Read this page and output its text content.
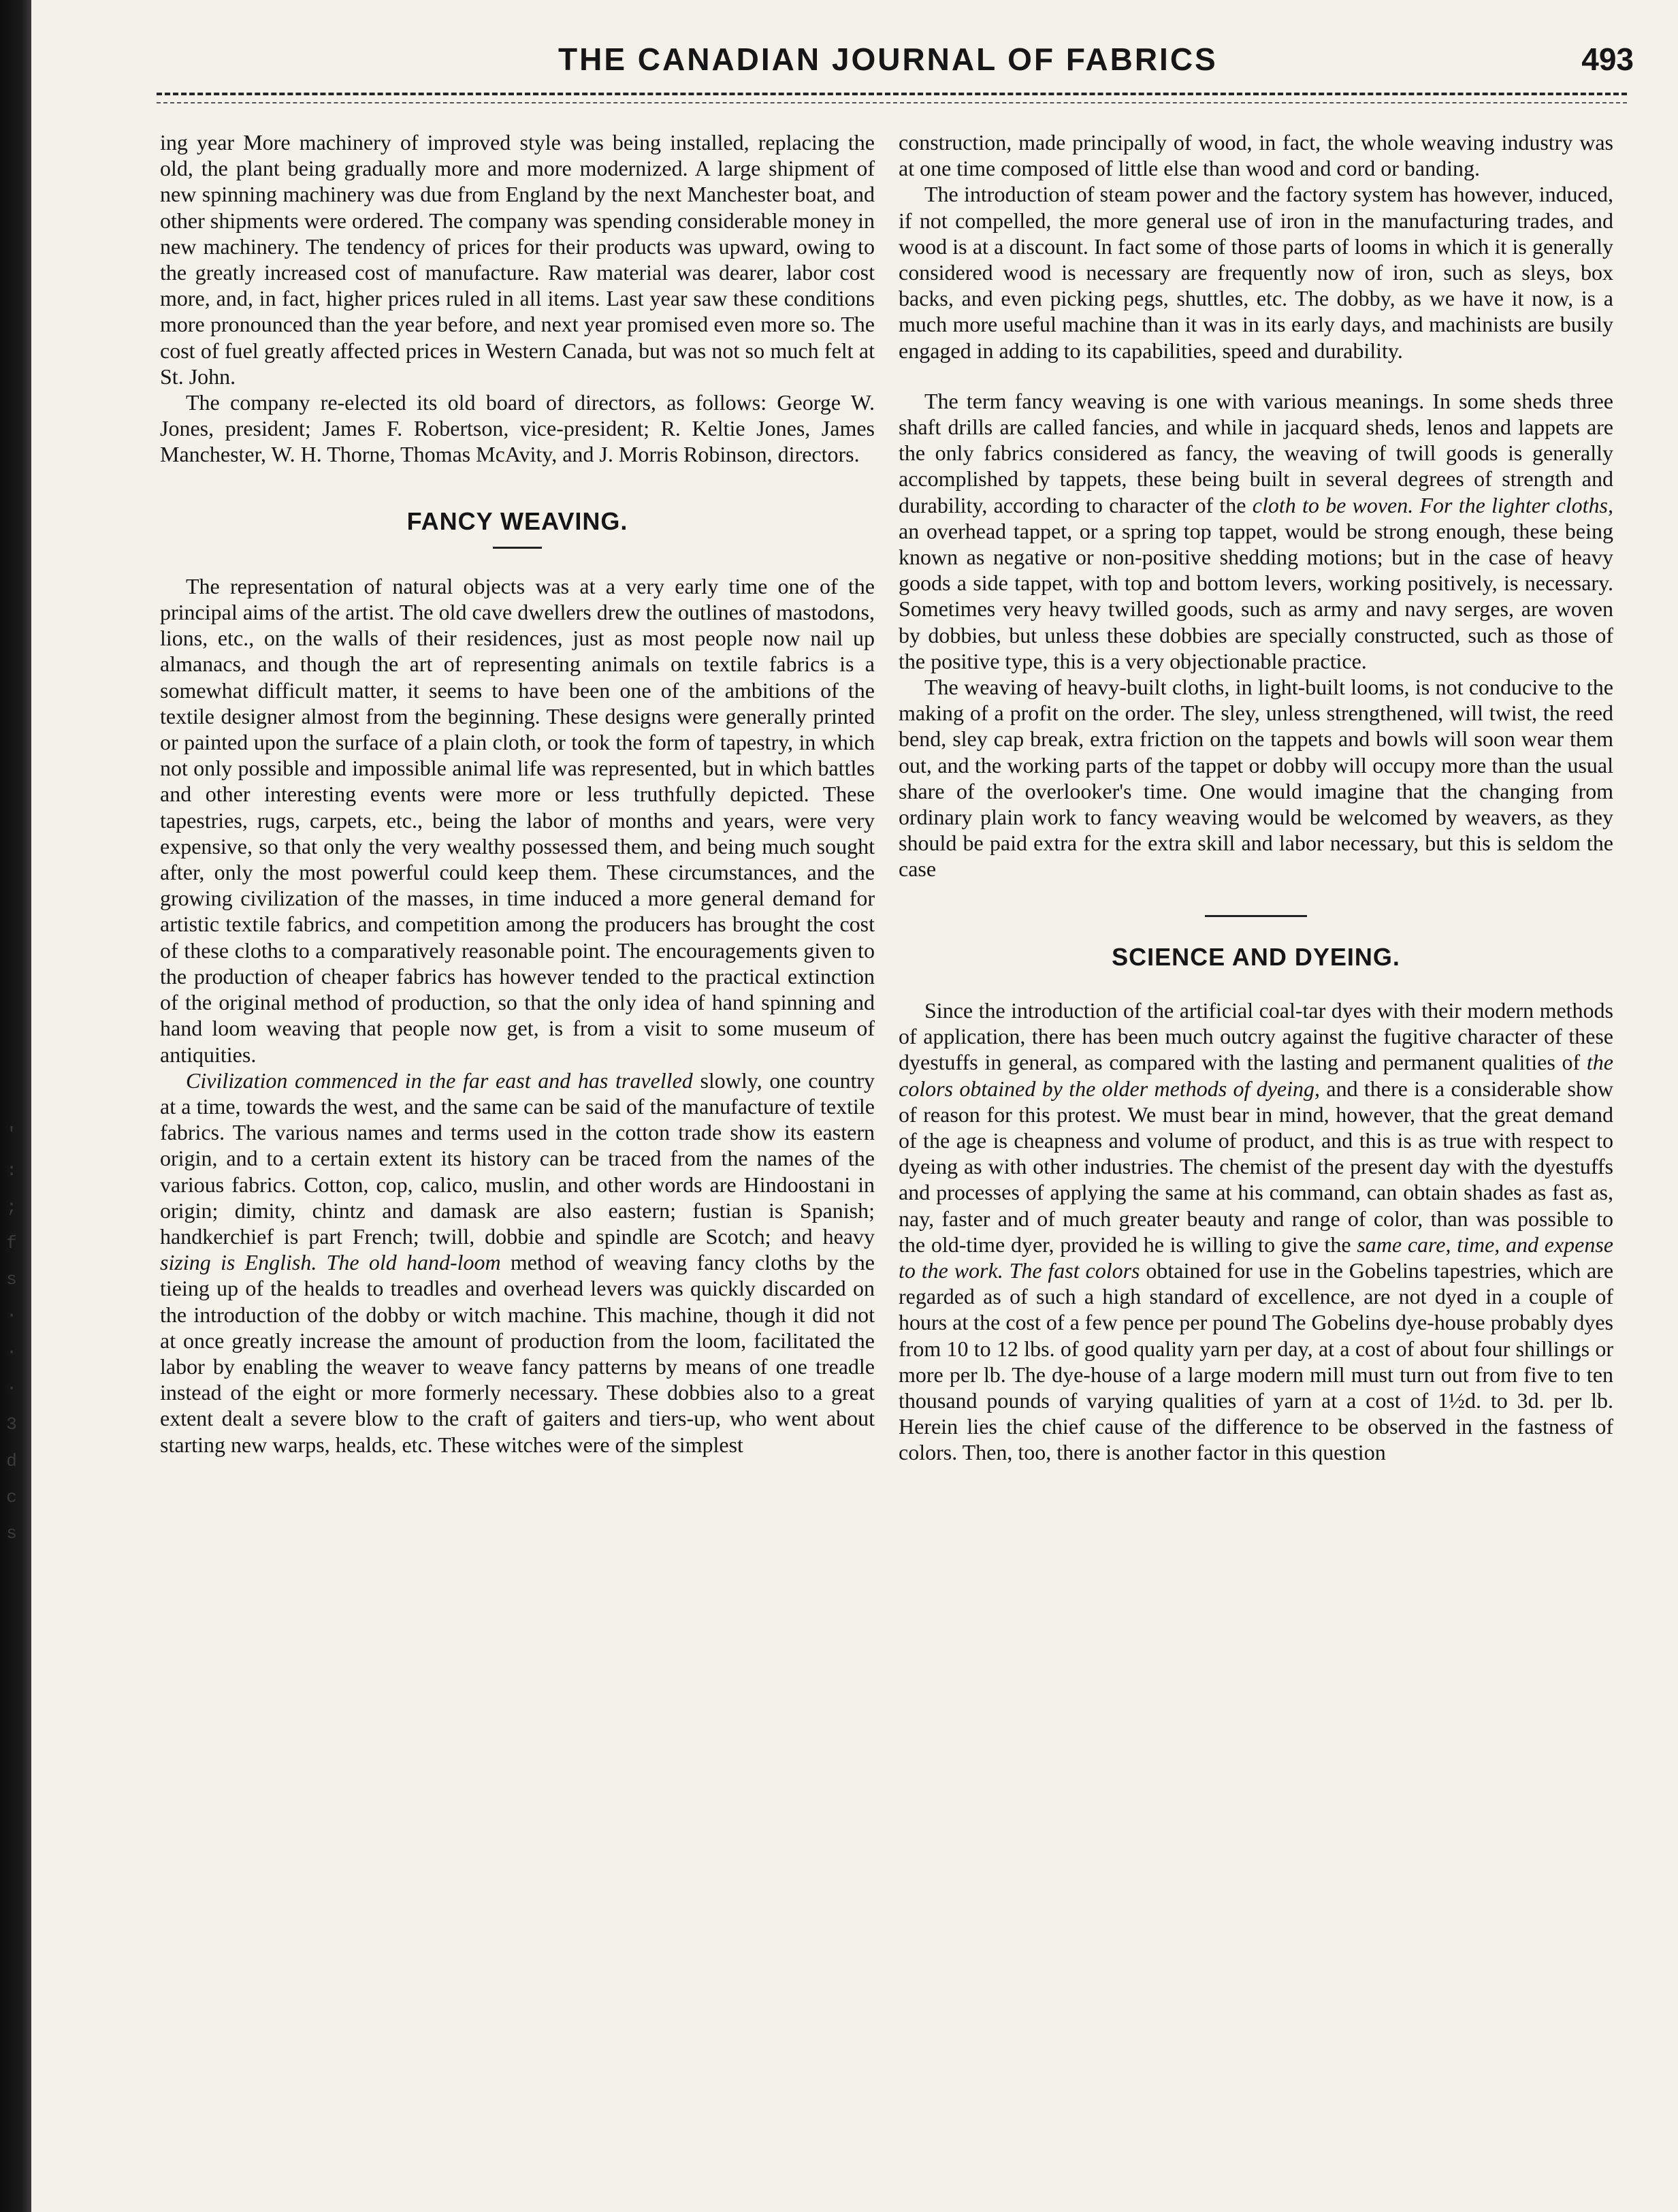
'
:
;
f
s
·
·
·
3
d
c
s
THE CANADIAN JOURNAL OF FABRICS	493

ing year More machinery of improved style was being installed, replacing the old, the plant being gradually more and more modernized. A large shipment of new spinning machinery was due from England by the next Manchester boat, and other shipments were ordered. The company was spending considerable money in new machinery. The tendency of prices for their products was upward, owing to the greatly increased cost of manufacture. Raw material was dearer, labor cost more, and, in fact, higher prices ruled in all items. Last year saw these conditions more pronounced than the year before, and next year promised even more so. The cost of fuel greatly affected prices in Western Canada, but was not so much felt at St. John.

The company re-elected its old board of directors, as follows: George W. Jones, president; James F. Robertson, vice-president; R. Keltie Jones, James Manchester, W. H. Thorne, Thomas McAvity, and J. Morris Robinson, directors.

FANCY WEAVING.

The representation of natural objects was at a very early time one of the principal aims of the artist. The old cave dwellers drew the outlines of mastodons, lions, etc., on the walls of their residences, just as most people now nail up almanacs, and though the art of representing animals on textile fabrics is a somewhat difficult matter, it seems to have been one of the ambitions of the textile designer almost from the beginning. These designs were generally printed or painted upon the surface of a plain cloth, or took the form of tapestry, in which not only possible and impossible animal life was represented, but in which battles and other interesting events were more or less truthfully depicted. These tapestries, rugs, carpets, etc., being the labor of months and years, were very expensive, so that only the very wealthy possessed them, and being much sought after, only the most powerful could keep them. These circumstances, and the growing civilization of the masses, in time induced a more general demand for artistic textile fabrics, and competition among the producers has brought the cost of these cloths to a comparatively reasonable point. The encouragements given to the production of cheaper fabrics has however tended to the practical extinction of the original method of production, so that the only idea of hand spinning and hand loom weaving that people now get, is from a visit to some museum of antiquities.

Civilization commenced in the far east and has travelled slowly, one country at a time, towards the west, and the same can be said of the manufacture of textile fabrics. The various names and terms used in the cotton trade show its eastern origin, and to a certain extent its history can be traced from the names of the various fabrics. Cotton, cop, calico, muslin, and other words are Hindoostani in origin; dimity, chintz and damask are also eastern; fustian is Spanish; handkerchief is part French; twill, dobbie and spindle are Scotch; and heavy sizing is English. The old hand-loom method of weaving fancy cloths by the tieing up of the healds to treadles and overhead levers was quickly discarded on the introduction of the dobby or witch machine. This machine, though it did not at once greatly increase the amount of production from the loom, facilitated the labor by enabling the weaver to weave fancy patterns by means of one treadle instead of the eight or more formerly necessary. These dobbies also to a great extent dealt a severe blow to the craft of gaiters and tiers-up, who went about starting new warps, healds, etc. These witches were of the simplest

construction, made principally of wood, in fact, the whole weaving industry was at one time composed of little else than wood and cord or banding.

The introduction of steam power and the factory system has however, induced, if not compelled, the more general use of iron in the manufacturing trades, and wood is at a discount. In fact some of those parts of looms in which it is generally considered wood is necessary are frequently now of iron, such as sleys, box backs, and even picking pegs, shuttles, etc. The dobby, as we have it now, is a much more useful machine than it was in its early days, and machinists are busily engaged in adding to its capabilities, speed and durability.

The term fancy weaving is one with various meanings. In some sheds three shaft drills are called fancies, and while in jacquard sheds, lenos and lappets are the only fabrics considered as fancy, the weaving of twill goods is generally accomplished by tappets, these being built in several degrees of strength and durability, according to character of the cloth to be woven. For the lighter cloths, an overhead tappet, or a spring top tappet, would be strong enough, these being known as negative or non-positive shedding motions; but in the case of heavy goods a side tappet, with top and bottom levers, working positively, is necessary. Sometimes very heavy twilled goods, such as army and navy serges, are woven by dobbies, but unless these dobbies are specially constructed, such as those of the positive type, this is a very objectionable practice.

The weaving of heavy-built cloths, in light-built looms, is not conducive to the making of a profit on the order. The sley, unless strengthened, will twist, the reed bend, sley cap break, extra friction on the tappets and bowls will soon wear them out, and the working parts of the tappet or dobby will occupy more than the usual share of the overlooker's time. One would imagine that the changing from ordinary plain work to fancy weaving would be welcomed by weavers, as they should be paid extra for the extra skill and labor necessary, but this is seldom the case

SCIENCE AND DYEING.

Since the introduction of the artificial coal-tar dyes with their modern methods of application, there has been much outcry against the fugitive character of these dyestuffs in general, as compared with the lasting and permanent qualities of the colors obtained by the older methods of dyeing, and there is a considerable show of reason for this protest. We must bear in mind, however, that the great demand of the age is cheapness and volume of product, and this is as true with respect to dyeing as with other industries. The chemist of the present day with the dyestuffs and processes of applying the same at his command, can obtain shades as fast as, nay, faster and of much greater beauty and range of color, than was possible to the old-time dyer, provided he is willing to give the same care, time, and expense to the work. The fast colors obtained for use in the Gobelins tapestries, which are regarded as of such a high standard of excellence, are not dyed in a couple of hours at the cost of a few pence per pound The Gobelins dye-house probably dyes from 10 to 12 lbs. of good quality yarn per day, at a cost of about four shillings or more per lb. The dye-house of a large modern mill must turn out from five to ten thousand pounds of varying qualities of yarn at a cost of 1½d. to 3d. per lb. Herein lies the chief cause of the difference to be observed in the fastness of colors. Then, too, there is another factor in this question
